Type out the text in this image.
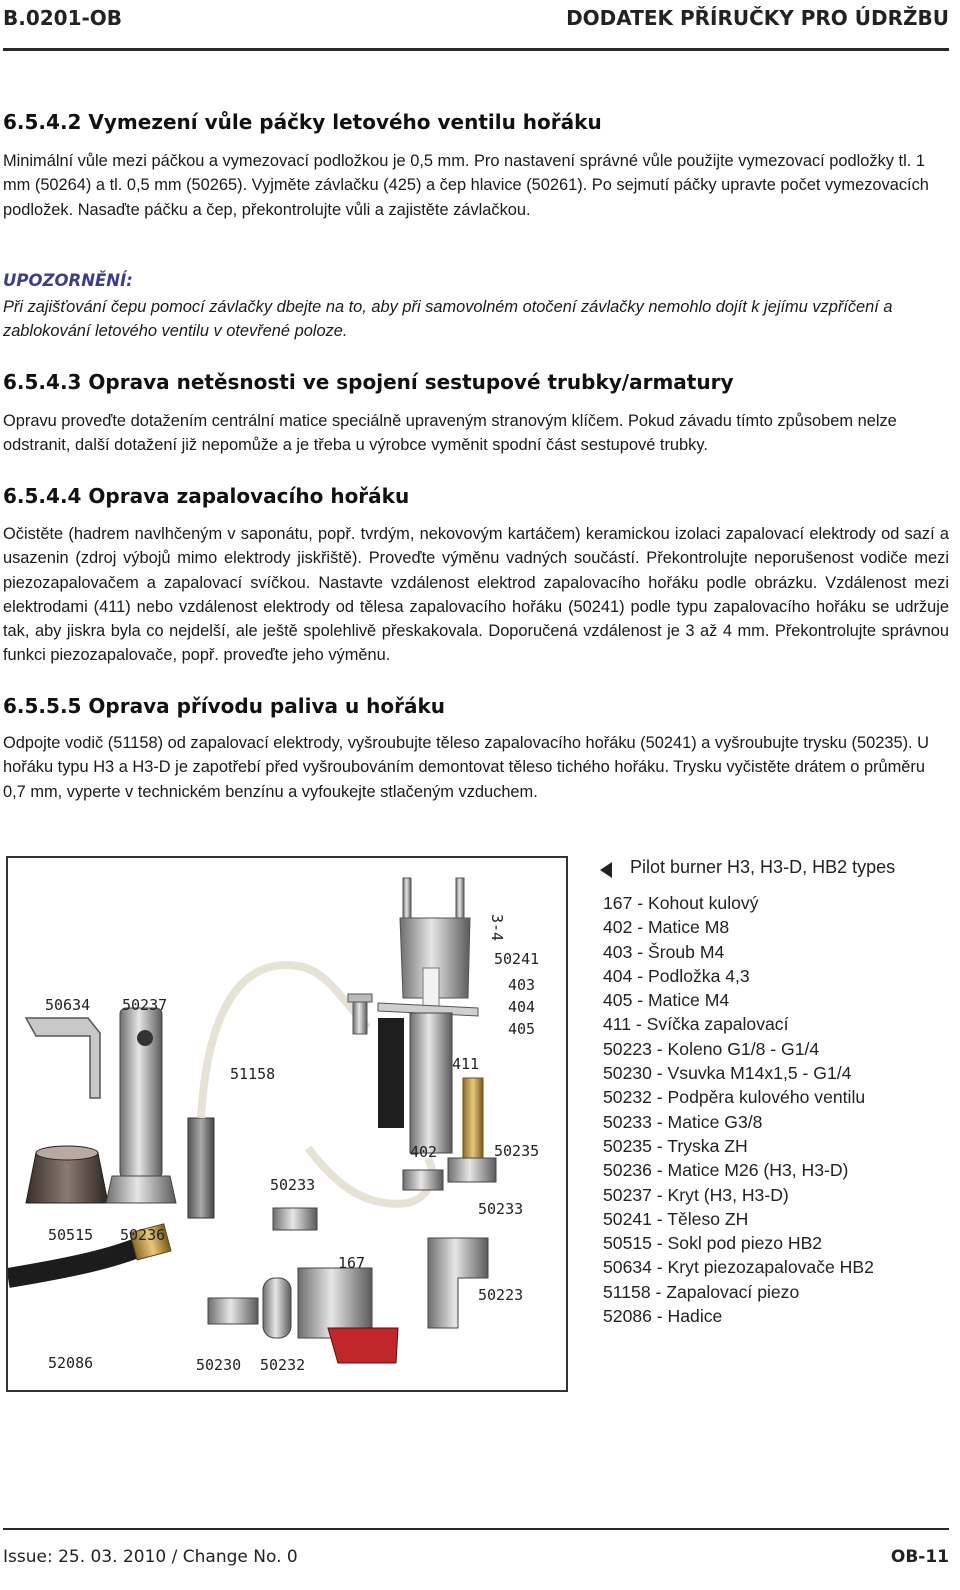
B.0201-OB	DODATEK PŘÍRUČKY PRO ÚDRŽBU
6.5.4.2 Vymezení vůle páčky letového ventilu hořáku

Minimální vůle mezi páčkou a vymezovací podložkou je 0,5 mm. Pro nastavení správné vůle použijte vymezovací podložky tl. 1 mm (50264) a tl. 0,5 mm (50265). Vyjměte závlačku (425) a čep hlavice (50261). Po sejmutí páčky upravte počet vymezovacích podložek. Nasaďte páčku a čep, překontrolujte vůli a zajistěte závlačkou.

UPOZORNĚNÍ:

Při zajišťování čepu pomocí závlačky dbejte na to, aby při samovolném otočení závlačky nemohlo dojít k jejímu vzpříčení a zablokování letového ventilu v otevřené poloze.

6.5.4.3 Oprava netěsnosti ve spojení sestupové trubky/armatury

Opravu proveďte dotažením centrální matice speciálně upraveným stranovým klíčem. Pokud závadu tímto způsobem nelze odstranit, další dotažení již nepomůže a je třeba u výrobce vyměnit spodní část sestupové trubky.

6.5.4.4 Oprava zapalovacího hořáku

Očistěte (hadrem navlhčeným v saponátu, popř. tvrdým, nekovovým kartáčem) keramickou izolaci zapalovací elektrody od sazí a usazenin (zdroj výbojů mimo elektrody jiskřiště). Proveďte výměnu vadných součástí. Překontrolujte neporušenost vodiče mezi piezozapalovačem a zapalovací svíčkou. Nastavte vzdálenost elektrod zapalovacího hořáku podle obrázku. Vzdálenost mezi elektrodami (411) nebo vzdálenost elektrody od tělesa zapalovacího hořáku (50241) podle typu zapalovacího hořáku se udržuje tak, aby jiskra byla co nejdelší, ale ještě spolehlivě přeskakovala. Doporučená vzdálenost je 3 až 4 mm. Překontrolujte správnou funkci piezozapalovače, popř. proveďte jeho výměnu.

6.5.5.5 Oprava přívodu paliva u hořáku

Odpojte vodič (51158) od zapalovací elektrody, vyšroubujte těleso zapalovacího hořáku (50241) a vyšroubujte trysku (50235). U hořáku typu H3 a H3-D je zapotřebí před vyšroubováním demontovat těleso tichého hořáku. Trysku vyčistěte drátem o průměru 0,7 mm, vyperte v technickém benzínu a vyfoukejte stlačeným vzduchem.

3-4
50241
403
404
405
50634 50237
51158
411
402	50235
50233
50233
50515 50236
167
50223
52086	50230 50232
Pilot burner H3, H3-D, HB2 types
167 - Kohout kulový
402 - Matice M8
403 - Šroub M4
404 - Podložka 4,3
405 - Matice M4
411 - Svíčka zapalovací
50223 - Koleno G1/8 - G1/4
50230 - Vsuvka M14x1,5 - G1/4
50232 - Podpěra kulového ventilu
50233 - Matice G3/8
50235 - Tryska ZH
50236 - Matice M26 (H3, H3-D)
50237 - Kryt (H3, H3-D)
50241 - Těleso ZH
50515 - Sokl pod piezo HB2
50634 - Kryt piezozapalovače HB2
51158 - Zapalovací piezo
52086 - Hadice
Issue: 25. 03. 2010 / Change No. 0	OB-11
